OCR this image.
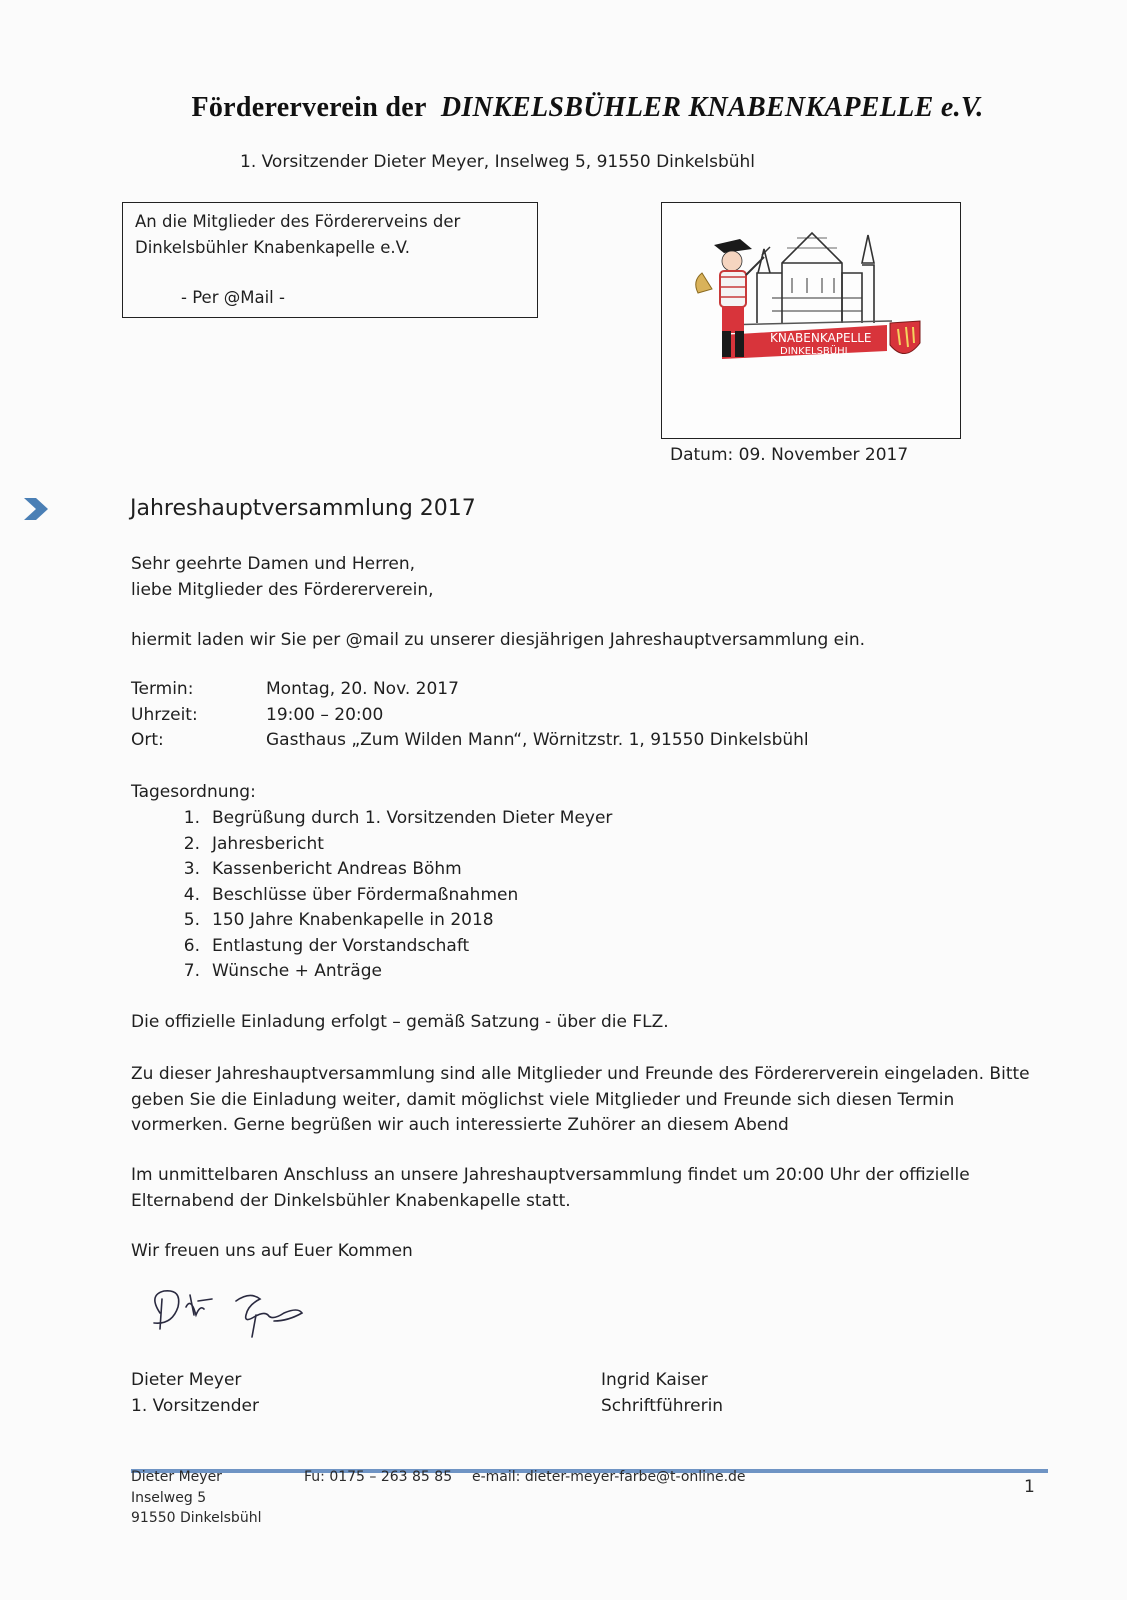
Fördererverein der DINKELSBÜHLER KNABENKAPELLE e.V.
1. Vorsitzender Dieter Meyer, Inselweg 5, 91550 Dinkelsbühl
An die Mitglieder des Fördererveins der
Dinkelsbühler Knabenkapelle e.V.
- Per @Mail -
KNABENKAPELLE
DINKELSBÜHL
Datum: 09. November 2017
Jahreshauptversammlung 2017
Sehr geehrte Damen und Herren,
liebe Mitglieder des Fördererverein,
hiermit laden wir Sie per @mail zu unserer diesjährigen Jahreshauptversammlung ein.
Termin:	Montag, 20. Nov. 2017
Uhrzeit:	19:00 – 20:00
Ort:	Gasthaus „Zum Wilden Mann“, Wörnitzstr. 1, 91550 Dinkelsbühl
Tagesordnung:
1. Begrüßung durch 1. Vorsitzenden Dieter Meyer
2. Jahresbericht
3. Kassenbericht Andreas Böhm
4. Beschlüsse über Fördermaßnahmen
5. 150 Jahre Knabenkapelle in 2018
6. Entlastung der Vorstandschaft
7. Wünsche + Anträge
Die offizielle Einladung erfolgt – gemäß Satzung - über die FLZ.
Zu dieser Jahreshauptversammlung sind alle Mitglieder und Freunde des Fördererverein eingeladen. Bitte geben Sie die Einladung weiter, damit möglichst viele Mitglieder und Freunde sich diesen Termin vormerken. Gerne begrüßen wir auch interessierte Zuhörer an diesem Abend
Im unmittelbaren Anschluss an unsere Jahreshauptversammlung findet um 20:00 Uhr der offizielle Elternabend der Dinkelsbühler Knabenkapelle statt.
Wir freuen uns auf Euer Kommen
Dieter Meyer
1. Vorsitzender
Ingrid Kaiser
Schriftführerin
Dieter Meyer
Inselweg 5
91550 Dinkelsbühl
Fu: 0175 – 263 85 85 e-mail: dieter-meyer-farbe@t-online.de	1
